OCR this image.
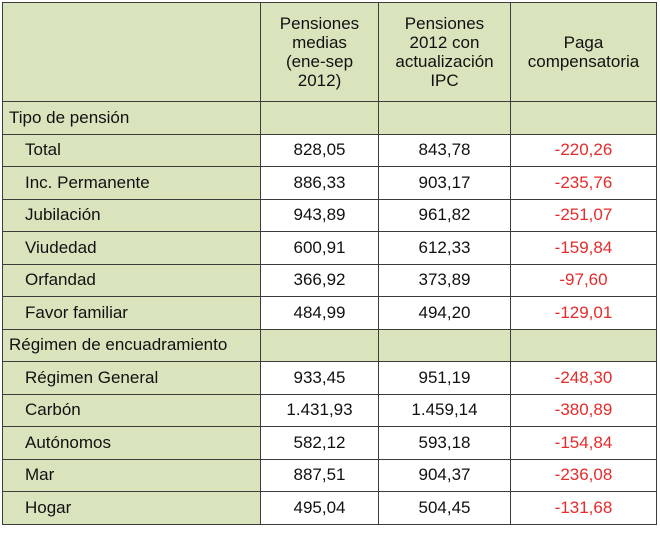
	Pensiones
medias
(ene-sep
2012)	Pensiones
2012 con
actualización
IPC	Paga
compensatoria
Tipo de pensión			
Total	828,05	843,78	-220,26
Inc. Permanente	886,33	903,17	-235,76
Jubilación	943,89	961,82	-251,07
Viudedad	600,91	612,33	-159,84
Orfandad	366,92	373,89	-97,60
Favor familiar	484,99	494,20	-129,01
Régimen de encuadramiento			
Régimen General	933,45	951,19	-248,30
Carbón	1.431,93	1.459,14	-380,89
Autónomos	582,12	593,18	-154,84
Mar	887,51	904,37	-236,08
Hogar	495,04	504,45	-131,68
